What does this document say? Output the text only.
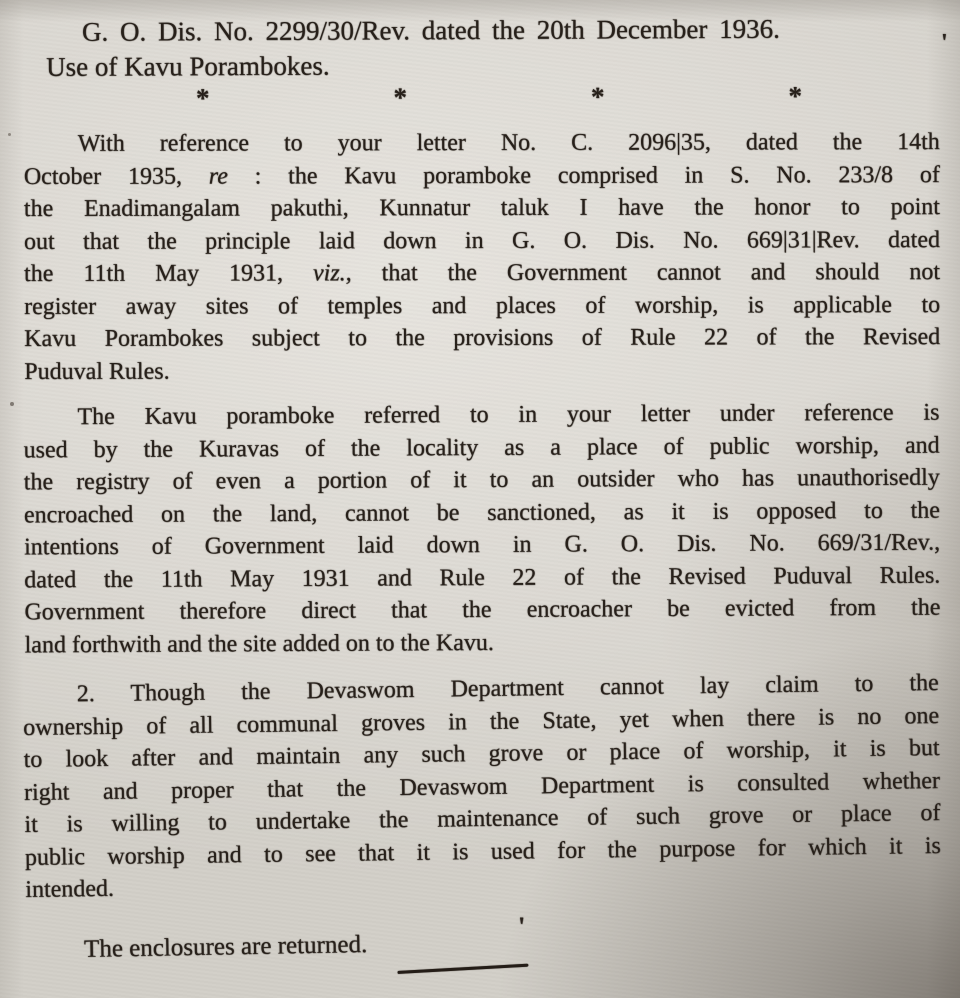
G. O. Dis. No. 2299/30/Rev. dated the 20th December 1936.
Use of Kavu Porambokes.
*	*	*	*
With reference to your letter No. C. 2096|35, dated the 14th
October 1935, re : the Kavu poramboke comprised in S. No. 233/8 of
the Enadimangalam pakuthi, Kunnatur taluk I have the honor to point
out that the principle laid down in G. O. Dis. No. 669|31|Rev. dated
the 11th May 1931, viz., that the Government cannot and should not
register away sites of temples and places of worship, is applicable to
Kavu Porambokes subject to the provisions of Rule 22 of the Revised
Puduval Rules.
The Kavu poramboke referred to in your letter under reference is
used by the Kuravas of the locality as a place of public worship, and
the registry of even a portion of it to an outsider who has unauthorisedly
encroached on the land, cannot be sanctioned, as it is opposed to the
intentions of Government laid down in G. O. Dis. No. 669/31/Rev.,
dated the 11th May 1931 and Rule 22 of the Revised Puduval Rules.
Government therefore direct that the encroacher be evicted from the
land forthwith and the site added on to the Kavu.
2. Though the Devaswom Department cannot lay claim to the
ownership of all communal groves in the State, yet when there is no one
to look after and maintain any such grove or place of worship, it is but
right and proper that the Devaswom Department is consulted whether
it is willing to undertake the maintenance of such grove or place of
public worship and to see that it is used for the purpose for which it is
intended.
The enclosures are returned.
'
'
